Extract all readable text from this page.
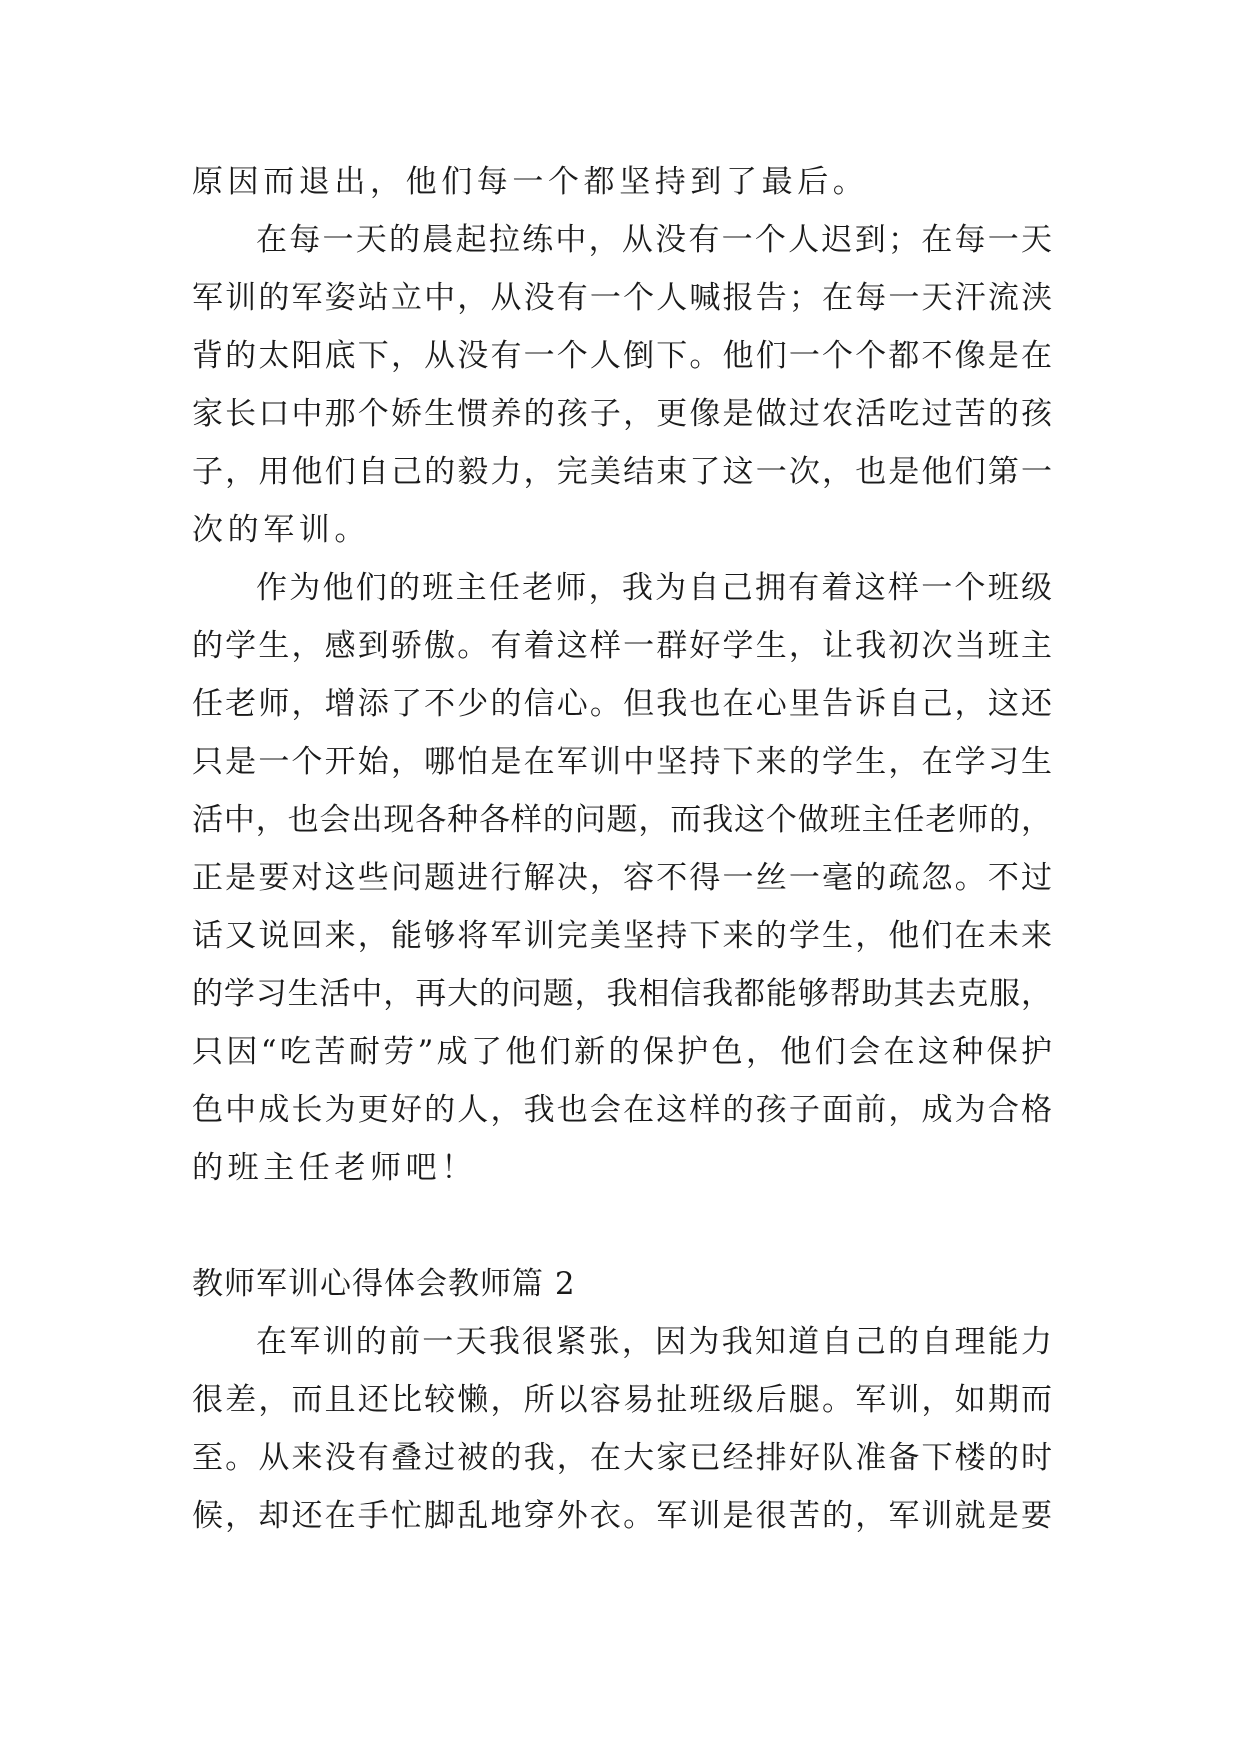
原因而退出，他们每一个都坚持到了最后。
在每一天的晨起拉练中，从没有一个人迟到；在每一天
军训的军姿站立中，从没有一个人喊报告；在每一天汗流浃
背的太阳底下，从没有一个人倒下。他们一个个都不像是在
家长口中那个娇生惯养的孩子，更像是做过农活吃过苦的孩
子，用他们自己的毅力，完美结束了这一次，也是他们第一
次的军训。
作为他们的班主任老师，我为自己拥有着这样一个班级
的学生，感到骄傲。有着这样一群好学生，让我初次当班主
任老师，增添了不少的信心。但我也在心里告诉自己，这还
只是一个开始，哪怕是在军训中坚持下来的学生，在学习生
活中，也会出现各种各样的问题，而我这个做班主任老师的，
正是要对这些问题进行解决，容不得一丝一毫的疏忽。不过
话又说回来，能够将军训完美坚持下来的学生，他们在未来
的学习生活中，再大的问题，我相信我都能够帮助其去克服，
只因“吃苦耐劳”成了他们新的保护色，他们会在这种保护
色中成长为更好的人，我也会在这样的孩子面前，成为合格
的班主任老师吧！
教师军训心得体会教师篇 2
在军训的前一天我很紧张，因为我知道自己的自理能力
很差，而且还比较懒，所以容易扯班级后腿。军训，如期而
至。从来没有叠过被的我，在大家已经排好队准备下楼的时
候，却还在手忙脚乱地穿外衣。军训是很苦的，军训就是要
